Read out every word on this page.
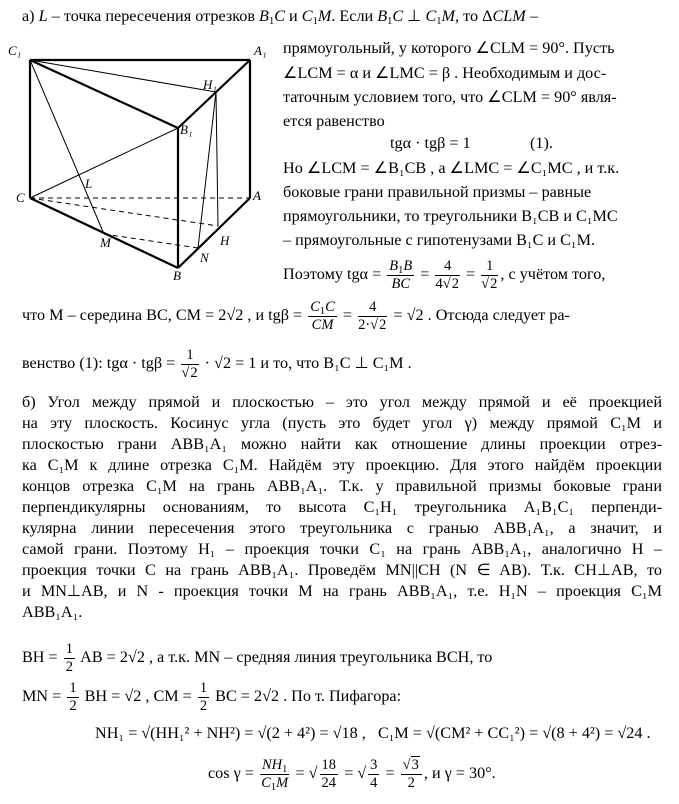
C₁	A₁
H₁
B₁
L
C	A
M	H
N
B
а) L – точка пересечения отрезков $B_1C$ и $C_1M$. Если $B_1C$ ⊥ $C_1M$, то ΔCLM –
прямоугольный, у которого ∠CLM = 90°. Пусть
∠LCM = α и ∠LMC = β . Необходимым и дос-
таточным условием того, что ∠CLM = 90° явля-
ется равенство
tgα · tgβ = 1	(1).
Но ∠LCM = ∠B₁CB , а ∠LMC = ∠C₁MC , и т.к.
боковые грани правильной призмы – равные
прямоугольники, то треугольники B₁CB и C₁MC
– прямоугольные с гипотенузами B₁C и C₁M.
Поэтому $tg\alpha = \frac{B_1B}{BC} = \frac{4}{4√2} = \frac{1}{√2}$ , с учётом того,
что M – середина BC, CM = 2√2 , и $tg\beta = \frac{C_1C}{CM} = \frac{4}{2\cdot√2} = √2$ . Отсюда следует ра-
венство (1): $tg\alpha \cdot tg\beta = \frac{1}{√2} \cdot √2 = 1$ и то, что B₁C ⊥ C₁M .
б) Угол между прямой и плоскостью – это угол между прямой и её проекцией
на эту плоскость. Косинус угла (пусть это будет угол γ) между прямой C₁M и
плоскостью грани ABB₁A₁ можно найти как отношение длины проекции отрез-
ка C₁M к длине отрезка C₁M. Найдём эту проекцию. Для этого найдём проекции
концов отрезка C₁M на грань ABB₁A₁. Т.к. у правильной призмы боковые грани
перпендикулярны основаниям, то высота C₁H₁ треугольника A₁B₁C₁ перпенди-
кулярна линии пересечения этого треугольника с гранью ABB₁A₁, а значит, и
самой грани. Поэтому H₁ – проекция точки C₁ на грань ABB₁A₁, аналогично H –
проекция точки C на грань ABB₁A₁. Проведём MN||CH (N ∈ AB). Т.к. CH⊥AB, то
и MN⊥AB, и N - проекция точки M на грань ABB₁A₁, т.е. H₁N – проекция C₁M
ABB₁A₁.
BH = $\frac{1}{2}$ AB = 2√2 , а т.к. MN – средняя линия треугольника BCH, то
MN = $\frac{1}{2}$ BH = √2 , CM = $\frac{1}{2}$ BC = 2√2 . По т. Пифагора:
NH₁ = √(HH₁² + NH²) = √(2 + 4²) = √18 , C₁M = √(CM² + CC₁²) = √(8 + 4²) = √24 .
$\cos \gamma = \frac{NH_1}{C_1M}$ = √ $\frac{18}{24}$ = √ $\frac{3}{4} = \frac{√3}{2}$ , и γ = 30°.
